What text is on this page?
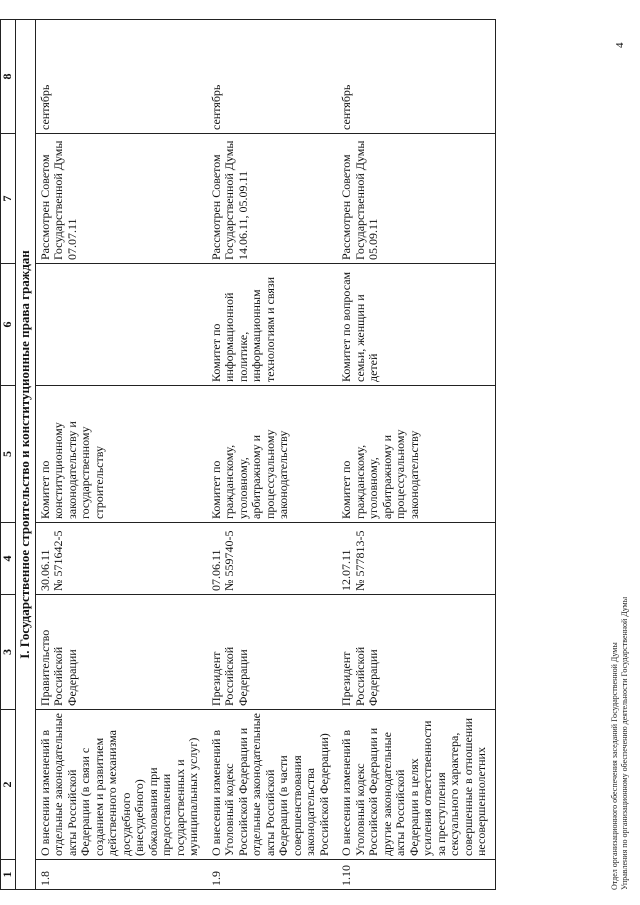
1	2	3	4	5	6	7	8
I. Государственное строительство и конституционные права граждан							
1.8	О внесении изменений в отдельные законодательные акты Российской Федерации (в связи с созданием и развитием действенного механизма досудебного (внесудебного) обжалования при предоставлении государственных и муниципальных услуг)	Правительство Российской Федерации	30.06.11 № 571642-5	Комитет по конституционному законодательству и государственному строительству		Рассмотрен Советом Государственной Думы 07.07.11	сентябрь
1.9	О внесении изменений в Уголовный кодекс Российской Федерации и отдельные законодательные акты Российской Федерации (в части совершенствования законодательства Российской Федерации)	Президент Российской Федерации	07.06.11 № 559740-5	Комитет по гражданскому, уголовному, арбитражному и процессуальному законодательству	Комитет по информационной политике, информационным технологиям и связи	Рассмотрен Советом Государственной Думы 14.06.11, 05.09.11	сентябрь
1.10	О внесении изменений в Уголовный кодекс Российской Федерации и другие законодательные акты Российской Федерации в целях усиления ответственности за преступления сексуального характера, совершенные в отношении несовершеннолетних	Президент Российской Федерации	12.07.11 № 577813-5	Комитет по гражданскому, уголовному, арбитражному и процессуальному законодательству	Комитет по вопросам семьи, женщин и детей	Рассмотрен Советом Государственной Думы 05.09.11	сентябрь
Отдел организационного обеспечения заседаний Государственной Думы Управления по организационному обеспечению деятельности Государственной Думы
4
